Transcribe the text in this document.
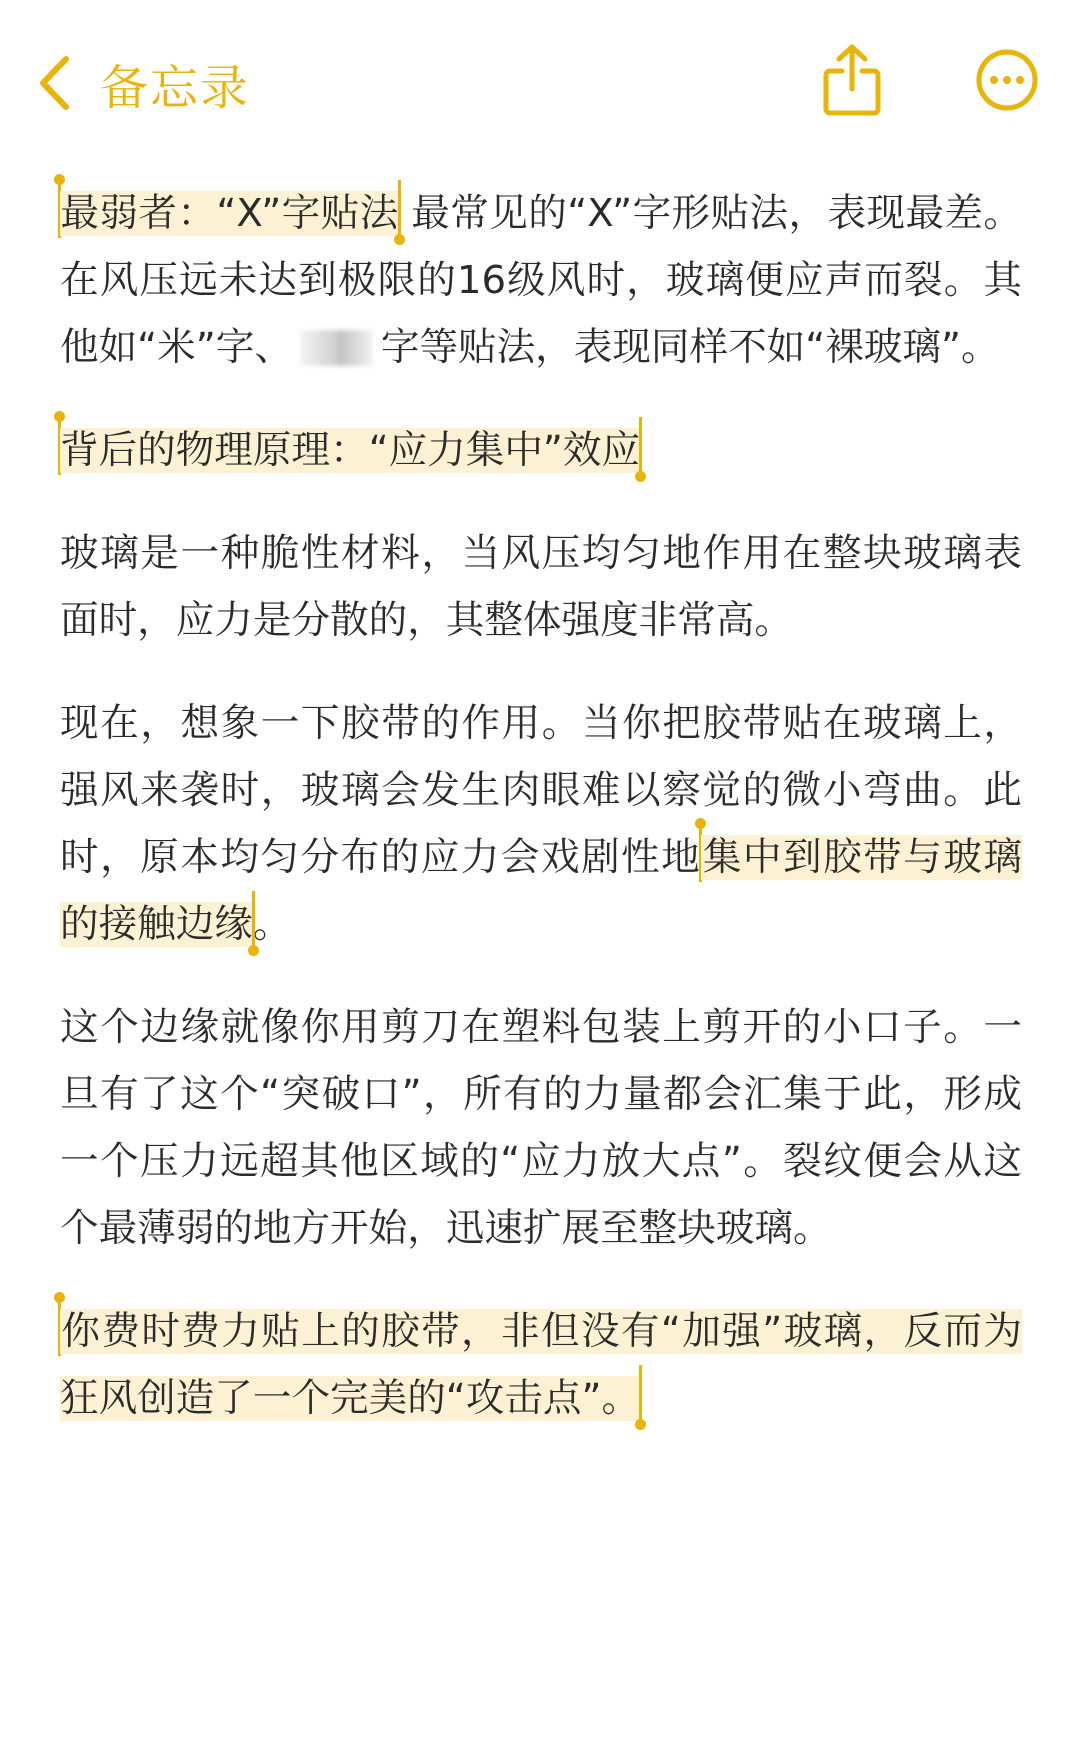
备忘录

最弱者：“X”字贴法 最常见的“X”字形贴法，表现最差。在风压远未达到极限的16级风时，玻璃便应声而裂。其他如“米”字、 字等贴法，表现同样不如“裸玻璃”。

背后的物理原理：“应力集中”效应

玻璃是一种脆性材料，当风压均匀地作用在整块玻璃表面时，应力是分散的，其整体强度非常高。

现在，想象一下胶带的作用。当你把胶带贴在玻璃上，强风来袭时，玻璃会发生肉眼难以察觉的微小弯曲。此时，原本均匀分布的应力会戏剧性地集中到胶带与玻璃的接触边缘。

这个边缘就像你用剪刀在塑料包装上剪开的小口子。一旦有了这个“突破口”，所有的力量都会汇集于此，形成一个压力远超其他区域的“应力放大点”。裂纹便会从这个最薄弱的地方开始，迅速扩展至整块玻璃。

你费时费力贴上的胶带，非但没有“加强”玻璃，反而为狂风创造了一个完美的“攻击点”。
